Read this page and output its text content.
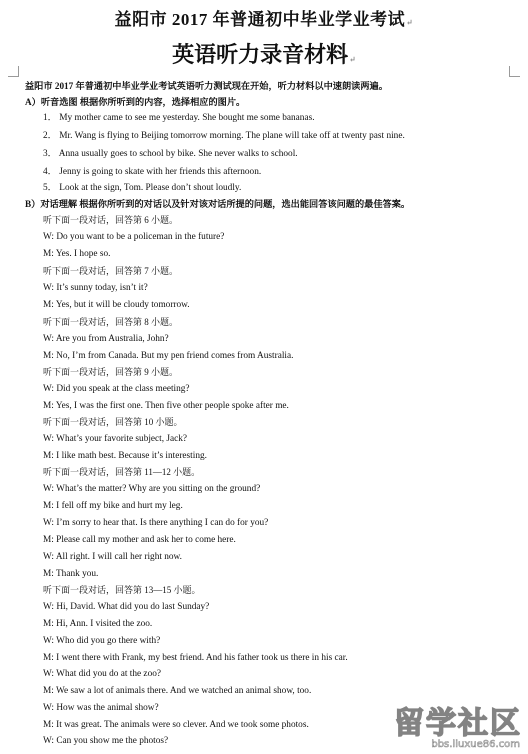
益阳市 2017 年普通初中毕业学业考试↵
英语听力录音材料↵
益阳市 2017 年普通初中毕业学业考试英语听力测试现在开始，听力材料以中速朗读两遍。
A）听音选图 根据你所听到的内容，选择相应的图片。
1． My mother came to see me yesterday. She bought me some bananas.
2． Mr. Wang is flying to Beijing tomorrow morning. The plane will take off at twenty past nine.
3． Anna usually goes to school by bike. She never walks to school.
4． Jenny is going to skate with her friends this afternoon.
5． Look at the sign, Tom. Please don’t shout loudly.
B）对话理解 根据你所听到的对话以及针对该对话所提的问题，选出能回答该问题的最佳答案。
听下面一段对话，回答第 6 小题。
W: Do you want to be a policeman in the future?
M: Yes. I hope so.
听下面一段对话，回答第 7 小题。
W: It’s sunny today, isn’t it?
M: Yes, but it will be cloudy tomorrow.
听下面一段对话，回答第 8 小题。
W: Are you from Australia, John?
M: No, I’m from Canada. But my pen friend comes from Australia.
听下面一段对话，回答第 9 小题。
W: Did you speak at the class meeting?
M: Yes, I was the first one. Then five other people spoke after me.
听下面一段对话，回答第 10 小题。
W: What’s your favorite subject, Jack?
M: I like math best. Because it’s interesting.
听下面一段对话，回答第 11—12 小题。
W: What’s the matter? Why are you sitting on the ground?
M: I fell off my bike and hurt my leg.
W: I’m sorry to hear that. Is there anything I can do for you?
M: Please call my mother and ask her to come here.
W: All right. I will call her right now.
M: Thank you.
听下面一段对话，回答第 13—15 小题。
W: Hi, David. What did you do last Sunday?
M: Hi, Ann. I visited the zoo.
W: Who did you go there with?
M: I went there with Frank, my best friend. And his father took us there in his car.
W: What did you do at the zoo?
M: We saw a lot of animals there. And we watched an animal show, too.
W: How was the animal show?
M: It was great. The animals were so clever. And we took some photos.
W: Can you show me the photos?	留学社区
bbs.liuxue86.com
